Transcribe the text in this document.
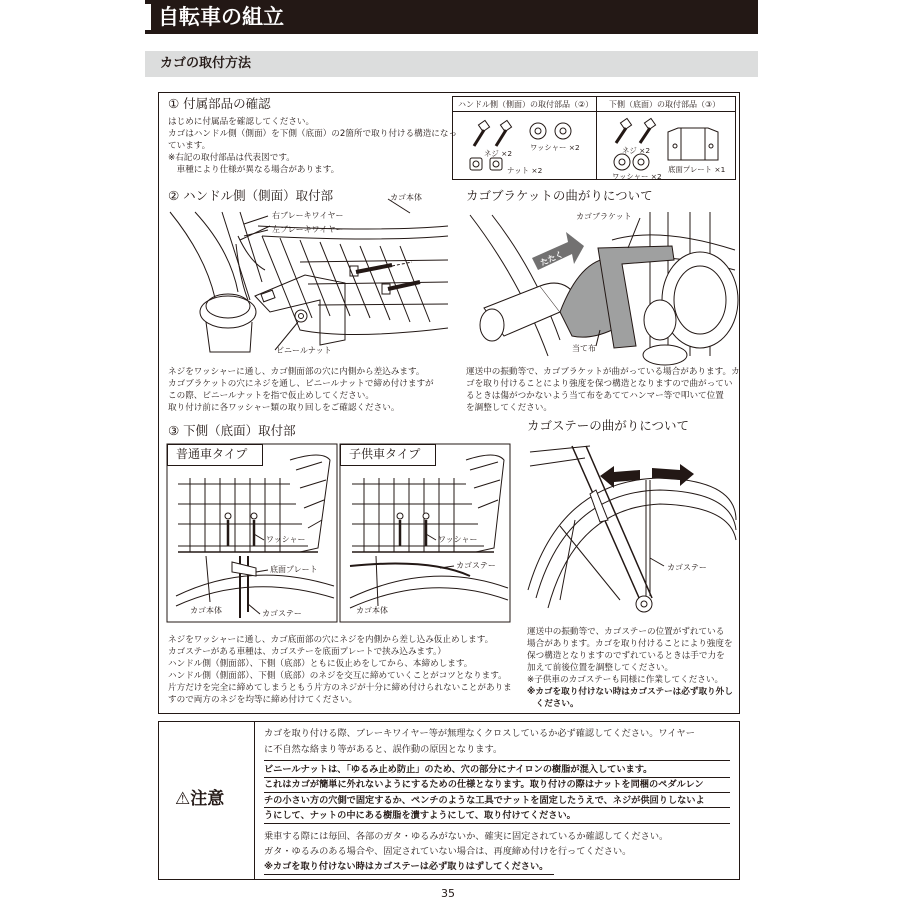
自転車の組立
カゴの取付方法
① 付属部品の確認
はじめに付属品を確認してください。
カゴはハンドル側（側面）を下側（底面）の2箇所で取り付ける構造になっ
ています。
※右記の取付部品は代表図です。
　車種により仕様が異なる場合があります。
ハンドル側（側面）の取付部品（②） 下側（底面）の取付部品（③）
ネジ ×2
ワッシャー ×2
ナット ×2
ネジ ×2
ワッシャー ×2
底面プレート ×1
② ハンドル側（側面）取付部	カゴ本体
右ブレーキワイヤー
左ブレーキワイヤー
ビニールナット
ネジをワッシャーに通し、カゴ側面部の穴に内側から差込みます。
カゴブラケットの穴にネジを通し、ビニールナットで締め付けますが
この際、ビニールナットを指で仮止めしてください。
取り付け前に各ワッシャー類の取り回しをご確認ください。
カゴブラケットの曲がりについて
カゴブラケット
たたく
当て布
運送中の振動等で、カゴブラケットが曲がっている場合があります。カ
ゴを取り付けることにより強度を保つ構造となりますので曲がってい
るときは傷がつかないよう当て布をあててハンマー等で叩いて位置
を調整してください。
③ 下側（底面）取付部
普通車タイプ	子供車タイプ
ワッシャー
底面プレート
カゴ本体	カゴステー
ワッシャー
カゴステー
カゴ本体
ネジをワッシャーに通し、カゴ底面部の穴にネジを内側から差し込み仮止めします。
カゴステーがある車種は、カゴステーを底面プレートで挟み込みます。）
ハンドル側（側面部）、下側（底部）ともに仮止めをしてから、本締めします。
ハンドル側（側面部）、下側（底部）のネジを交互に締めていくことがコツとなります。
片方だけを完全に締めてしまうともう片方のネジが十分に締め付けられないことがありま
すので両方のネジを均等に締め付けてください。
カゴステーの曲がりについて
カゴステー
運送中の振動等で、カゴステーの位置がずれている
場合があります。カゴを取り付けることにより強度を
保つ構造となりますのでずれているときは手で力を
加えて前後位置を調整してください。
※子供車のカゴステーも同様に作業してください。
※カゴを取り付けない時はカゴステーは必ず取り外し
　ください。
⚠注意
カゴを取り付ける際、ブレーキワイヤー等が無理なくクロスしているか必ず確認してください。ワイヤー
に不自然な絡まり等があると、誤作動の原因となります。
ビニールナットは、「ゆるみ止め防止」のため、穴の部分にナイロンの樹脂が混入しています。
これはカゴが簡単に外れないようにするための仕様となります。取り付けの際はナットを同梱のペダルレン
チの小さい方の穴側で固定するか、ペンチのような工具でナットを固定したうえで、ネジが供回りしないよ
うにして、ナットの中にある樹脂を潰すようにして、取り付けてください。
乗車する際には毎回、各部のガタ・ゆるみがないか、確実に固定されているか確認してください。
ガタ・ゆるみのある場合や、固定されていない場合は、再度締め付けを行ってください。
※カゴを取り付けない時はカゴステーは必ず取りはずしてください。
35
